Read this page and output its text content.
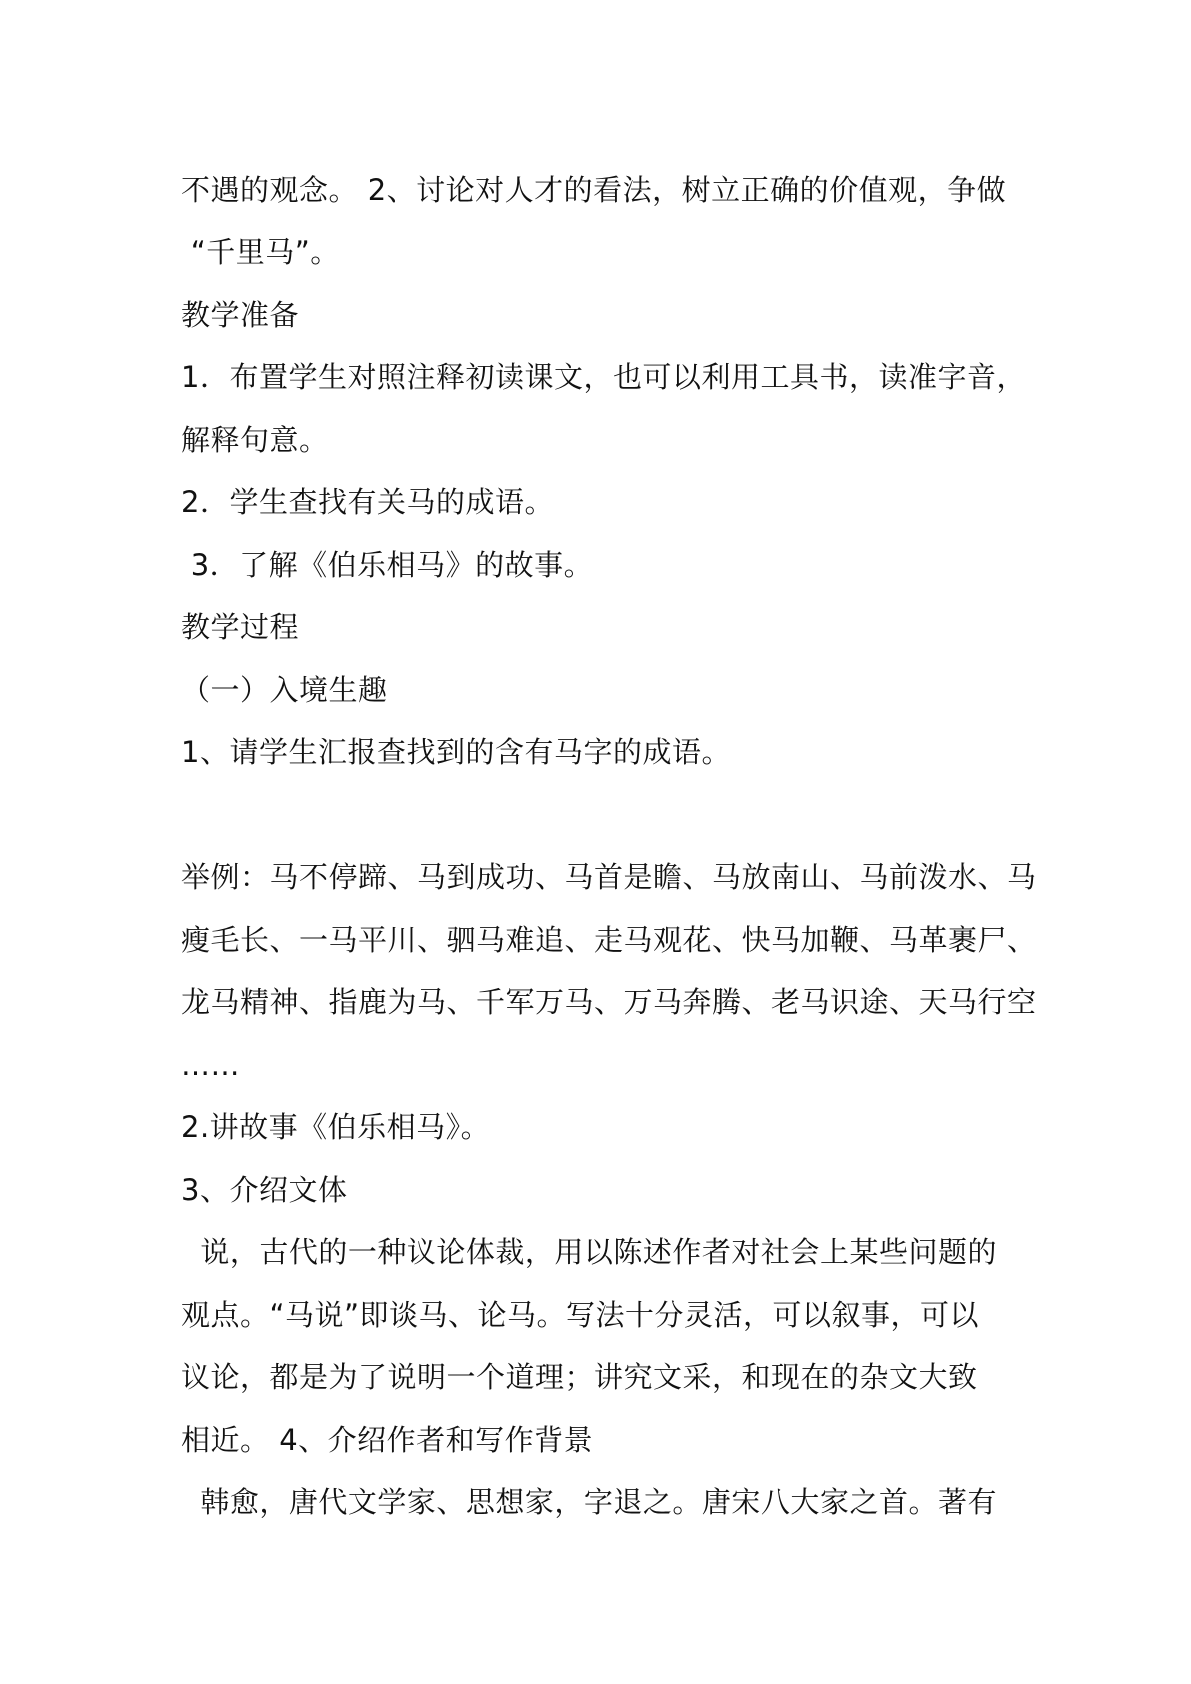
不遇的观念。 2、讨论对人才的看法，树立正确的价值观，争做
“千里马”。
教学准备
1．布置学生对照注释初读课文，也可以利用工具书，读准字音，
解释句意。
2．学生查找有关马的成语。
3．了解《伯乐相马》的故事。
教学过程
（一）入境生趣
1、请学生汇报查找到的含有马字的成语。
举例：马不停蹄、马到成功、马首是瞻、马放南山、马前泼水、马
瘦毛长、一马平川、驷马难追、走马观花、快马加鞭、马革裹尸、
龙马精神、指鹿为马、千军万马、万马奔腾、老马识途、天马行空
……
2.讲故事《伯乐相马》。
3、介绍文体
说，古代的一种议论体裁，用以陈述作者对社会上某些问题的
观点。“马说”即谈马、论马。写法十分灵活，可以叙事，可以
议论，都是为了说明一个道理；讲究文采，和现在的杂文大致
相近。 4、介绍作者和写作背景
韩愈，唐代文学家、思想家，字退之。唐宋八大家之首。著有
